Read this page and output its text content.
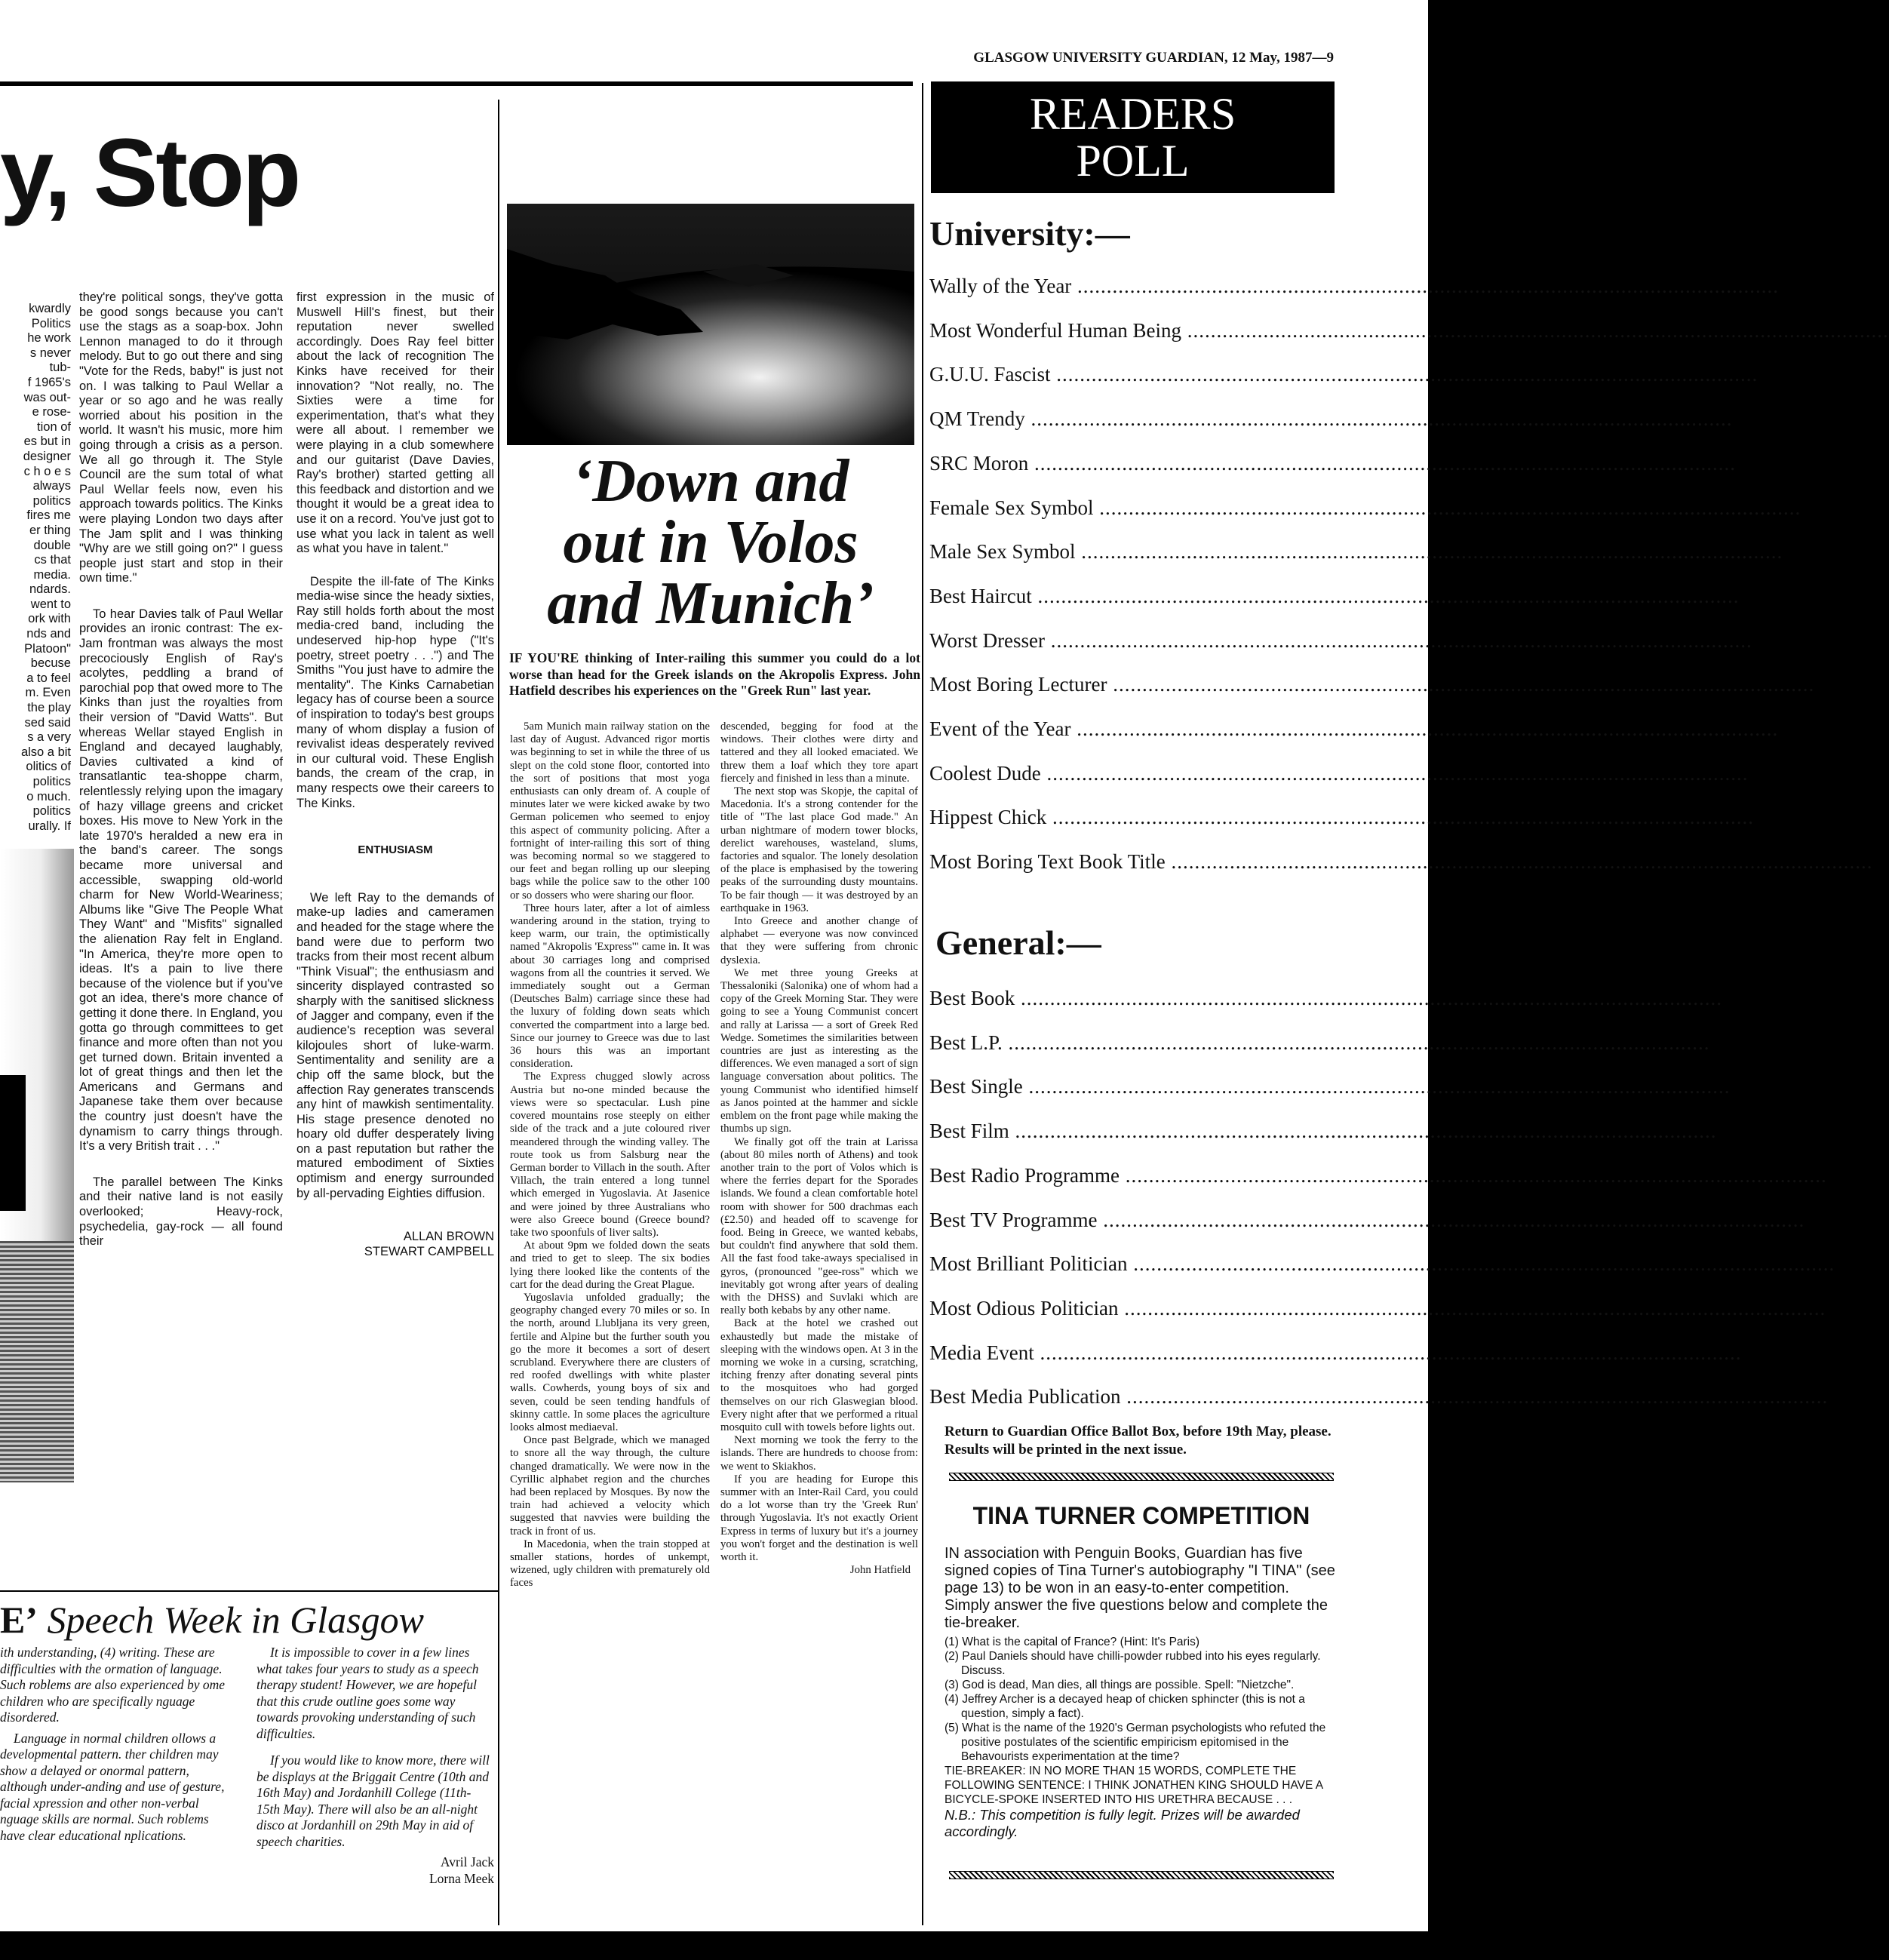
GLASGOW UNIVERSITY GUARDIAN, 12 May, 1987—9
y, Stop
kwardly
Politics
he work
s never
tub-
f 1965's
was out-
e rose-
tion of
es but in
designer
c h o e s
always
politics
fires me
er thing
double
cs that
media.
ndards.
went to
ork with
nds and
Platoon"
becuse
a to feel
m. Even
the play
sed said
s a very
also a bit
olitics of
politics
o much.
politics
urally. If

they're political songs, they've gotta be good songs because you can't use the stags as a soap-box. John Lennon managed to do it through melody. But to go out there and sing "Vote for the Reds, baby!" is just not on. I was talking to Paul Wellar a year or so ago and he was really worried about his position in the world. It wasn't his music, more him going through a crisis as a person. We all go through it. The Style Council are the sum total of what Paul Wellar feels now, even his approach towards politics. The Kinks were playing London two days after The Jam split and I was thinking "Why are we still going on?" I guess people just start and stop in their own time."

To hear Davies talk of Paul Wellar provides an ironic contrast: The ex-Jam frontman was always the most precociously English of Ray's acolytes, peddling a brand of parochial pop that owed more to The Kinks than just the royalties from their version of "David Watts". But whereas Wellar stayed English in England and decayed laughably, Davies cultivated a kind of transatlantic tea-shoppe charm, relentlessly relying upon the imagary of hazy village greens and cricket boxes. His move to New York in the late 1970's heralded a new era in the band's career. The songs became more universal and accessible, swapping old-world charm for New World-Weariness; Albums like "Give The People What They Want" and "Misfits" signalled the alienation Ray felt in England. "In America, they're more open to ideas. It's a pain to live there because of the violence but if you've got an idea, there's more chance of getting it done there. In England, you gotta go through committees to get finance and more often than not you get turned down. Britain invented a lot of great things and then let the Americans and Germans and Japanese take them over because the country just doesn't have the dynamism to carry things through. It's a very British trait . . ."

The parallel between The Kinks and their native land is not easily overlooked; Heavy-rock, psychedelia, gay-rock — all found their

first expression in the music of Muswell Hill's finest, but their reputation never swelled accordingly. Does Ray feel bitter about the lack of recognition The Kinks have received for their innovation? "Not really, no. The Sixties were a time for experimentation, that's what they were all about. I remember we were playing in a club somewhere and our guitarist (Dave Davies, Ray's brother) started getting all this feedback and distortion and we thought it would be a great idea to use it on a record. You've just got to use what you lack in talent as well as what you have in talent."

Despite the ill-fate of The Kinks media-wise since the heady sixties, Ray still holds forth about the most media-cred band, including the undeserved hip-hop hype ("It's poetry, street poetry . . .") and The Smiths "You just have to admire the mentality". The Kinks Carnabetian legacy has of course been a source of inspiration to today's best groups many of whom display a fusion of revivalist ideas desperately revived in our cultural void. These English bands, the cream of the crap, in many respects owe their careers to The Kinks.

ENTHUSIASM

We left Ray to the demands of make-up ladies and cameramen and headed for the stage where the band were due to perform two tracks from their most recent album "Think Visual"; the enthusiasm and sincerity displayed contrasted so sharply with the sanitised slickness of Jagger and company, even if the audience's reception was several kilojoules short of luke-warm. Sentimentality and senility are a chip off the same block, but the affection Ray generates transcends any hint of mawkish sentimentality. His stage presence denoted no hoary old duffer desperately living on a past reputation but rather the matured embodiment of Sixties optimism and energy surrounded by all-pervading Eighties diffusion.

ALLAN BROWN

STEWART CAMPBELL

E’ Speech Week in Glasgow

ith understanding, (4) writing. These are difficulties with the ormation of language. Such roblems are also experienced by ome children who are specifically nguage disordered.

Language in normal children ollows a developmental pattern. ther children may show a delayed or onormal pattern, although under-anding and use of gesture, facial xpression and other non-verbal nguage skills are normal. Such roblems have clear educational nplications.

It is impossible to cover in a few lines what takes four years to study as a speech therapy student! However, we are hopeful that this crude outline goes some way towards provoking understanding of such difficulties.

If you would like to know more, there will be displays at the Briggait Centre (10th and 16th May) and Jordanhill College (11th-15th May). There will also be an all-night disco at Jordanhill on 29th May in aid of speech charities.

Avril Jack
Lorna Meek
‘Down and
out in Volos
and Munich’
IF YOU'RE thinking of Inter-railing this summer you could do a lot worse than head for the Greek islands on the Akropolis Express. John Hatfield describes his experiences on the "Greek Run" last year.

5am Munich main railway station on the last day of August. Advanced rigor mortis was beginning to set in while the three of us slept on the cold stone floor, contorted into the sort of positions that most yoga enthusiasts can only dream of. A couple of minutes later we were kicked awake by two German policemen who seemed to enjoy this aspect of community policing. After a fortnight of inter-railing this sort of thing was becoming normal so we staggered to our feet and began rolling up our sleeping bags while the police saw to the other 100 or so dossers who were sharing our floor.

Three hours later, after a lot of aimless wandering around in the station, trying to keep warm, our train, the optimistically named "Akropolis 'Express'" came in. It was about 30 carriages long and comprised wagons from all the countries it served. We immediately sought out a German (Deutsches Balm) carriage since these had the luxury of folding down seats which converted the compartment into a large bed. Since our journey to Greece was due to last 36 hours this was an important consideration.

The Express chugged slowly across Austria but no-one minded because the views were so spectacular. Lush pine covered mountains rose steeply on either side of the track and a jute coloured river meandered through the winding valley. The route took us from Salsburg near the German border to Villach in the south. After Villach, the train entered a long tunnel which emerged in Yugoslavia. At Jasenice and were joined by three Australians who were also Greece bound (Greece bound? take two spoonfuls of liver salts).

At about 9pm we folded down the seats and tried to get to sleep. The six bodies lying there looked like the contents of the cart for the dead during the Great Plague.

Yugoslavia unfolded gradually; the geography changed every 70 miles or so. In the north, around Llubljana its very green, fertile and Alpine but the further south you go the more it becomes a sort of desert scrubland. Everywhere there are clusters of red roofed dwellings with white plaster walls. Cowherds, young boys of six and seven, could be seen tending handfuls of skinny cattle. In some places the agriculture looks almost mediaeval.

Once past Belgrade, which we managed to snore all the way through, the culture changed dramatically. We were now in the Cyrillic alphabet region and the churches had been replaced by Mosques. By now the train had achieved a velocity which suggested that navvies were building the track in front of us.

In Macedonia, when the train stopped at smaller stations, hordes of unkempt, wizened, ugly children with prematurely old faces

descended, begging for food at the windows. Their clothes were dirty and tattered and they all looked emaciated. We threw them a loaf which they tore apart fiercely and finished in less than a minute.

The next stop was Skopje, the capital of Macedonia. It's a strong contender for the title of "The last place God made." An urban nightmare of modern tower blocks, derelict warehouses, wasteland, slums, factories and squalor. The lonely desolation of the place is emphasised by the towering peaks of the surrounding dusty mountains. To be fair though — it was destroyed by an earthquake in 1963.

Into Greece and another change of alphabet — everyone was now convinced that they were suffering from chronic dyslexia.

We met three young Greeks at Thessaloniki (Salonika) one of whom had a copy of the Greek Morning Star. They were going to see a Young Communist concert and rally at Larissa — a sort of Greek Red Wedge. Sometimes the similarities between countries are just as interesting as the differences. We even managed a sort of sign language conversation about politics. The young Communist who identified himself as Janos pointed at the hammer and sickle emblem on the front page while making the thumbs up sign.

We finally got off the train at Larissa (about 80 miles north of Athens) and took another train to the port of Volos which is where the ferries depart for the Sporades islands. We found a clean comfortable hotel room with shower for 500 drachmas each (£2.50) and headed off to scavenge for food. Being in Greece, we wanted kebabs, but couldn't find anywhere that sold them. All the fast food take-aways specialised in gyros, (pronounced "gee-ross" which we inevitably got wrong after years of dealing with the DHSS) and Suvlaki which are really both kebabs by any other name.

Back at the hotel we crashed out exhaustedly but made the mistake of sleeping with the windows open. At 3 in the morning we woke in a cursing, scratching, itching frenzy after donating several pints to the mosquitoes who had gorged themselves on our rich Glaswegian blood. Every night after that we performed a ritual mosquito cull with towels before lights out.

Next morning we took the ferry to the islands. There are hundreds to choose from: we went to Skiakhos.

If you are heading for Europe this summer with an Inter-Rail Card, you could do a lot worse than try the 'Greek Run' through Yugoslavia. It's not exactly Orient Express in terms of luxury but it's a journey you won't forget and the destination is well worth it.

John Hatfield
READERS
POLL
University:—
Wally of the Year ........................................................................................................................
Most Wonderful Human Being ........................................................................................................................
G.U.U. Fascist ........................................................................................................................
QM Trendy ........................................................................................................................
SRC Moron ........................................................................................................................
Female Sex Symbol ........................................................................................................................
Male Sex Symbol ........................................................................................................................
Best Haircut ........................................................................................................................
Worst Dresser ........................................................................................................................
Most Boring Lecturer ........................................................................................................................
Event of the Year ........................................................................................................................
Coolest Dude ........................................................................................................................
Hippest Chick ........................................................................................................................
Most Boring Text Book Title ........................................................................................................................
General:—
Best Book ........................................................................................................................
Best L.P. ........................................................................................................................
Best Single ........................................................................................................................
Best Film ........................................................................................................................
Best Radio Programme ........................................................................................................................
Best TV Programme ........................................................................................................................
Most Brilliant Politician ........................................................................................................................
Most Odious Politician ........................................................................................................................
Media Event ........................................................................................................................
Best Media Publication ........................................................................................................................
Return to Guardian Office Ballot Box, before 19th May, please. Results will be printed in the next issue.
TINA TURNER COMPETITION
IN association with Penguin Books, Guardian has five signed copies of Tina Turner's autobiography "I TINA" (see page 13) to be won in an easy-to-enter competition. Simply answer the five questions below and complete the tie-breaker.
(1) What is the capital of France? (Hint: It's Paris)
(2) Paul Daniels should have chilli-powder rubbed into his eyes regularly. Discuss.
(3) God is dead, Man dies, all things are possible. Spell: "Nietzche".
(4) Jeffrey Archer is a decayed heap of chicken sphincter (this is not a question, simply a fact).
(5) What is the name of the 1920's German psychologists who refuted the positive postulates of the scientific empiricism epitomised in the Behavourists experimentation at the time?
TIE-BREAKER: IN NO MORE THAN 15 WORDS, COMPLETE THE FOLLOWING SENTENCE: I THINK JONATHEN KING SHOULD HAVE A BICYCLE-SPOKE INSERTED INTO HIS URETHRA BECAUSE . . .
N.B.: This competition is fully legit. Prizes will be awarded accordingly.
